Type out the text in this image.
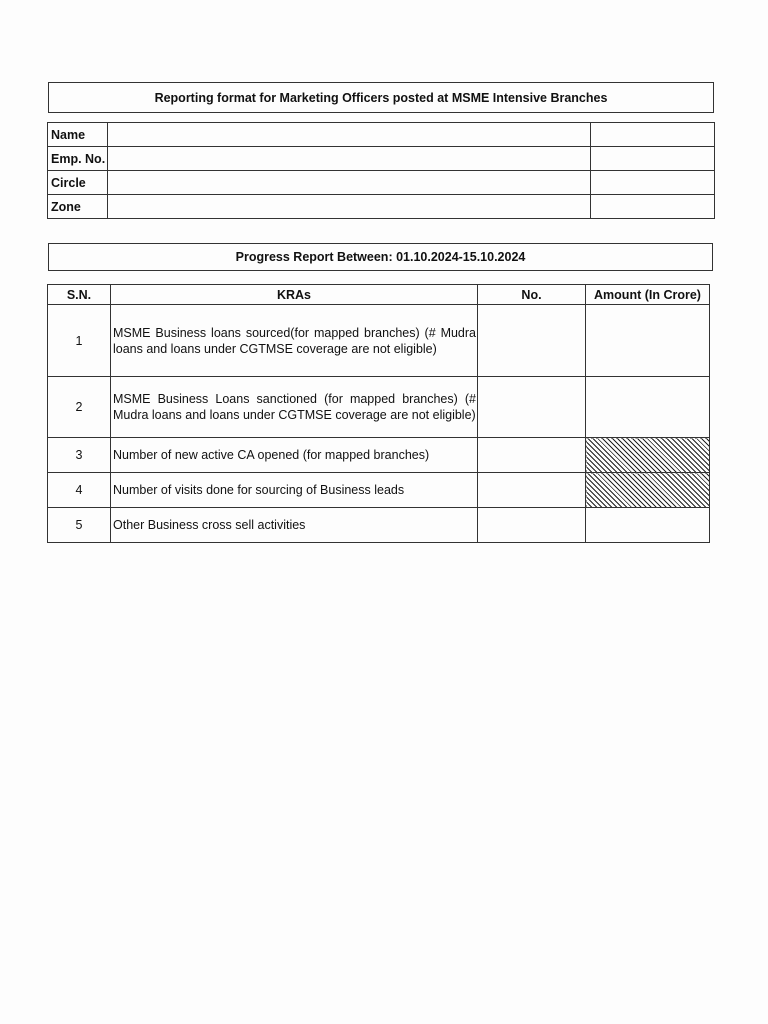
Reporting format for Marketing Officers posted at MSME Intensive Branches
Name		
Emp. No.		
Circle		
Zone		
Progress Report Between: 01.10.2024-15.10.2024
S.N.	KRAs	No.	Amount (In Crore)
1	MSME Business loans sourced(for mapped branches) (# Mudra loans and loans under CGTMSE coverage are not eligible)		
2	MSME Business Loans sanctioned (for mapped branches) (# Mudra loans and loans under CGTMSE coverage are not eligible)		
3	Number of new active CA opened (for mapped branches)		
4	Number of visits done for sourcing of Business leads		
5	Other Business cross sell activities		
